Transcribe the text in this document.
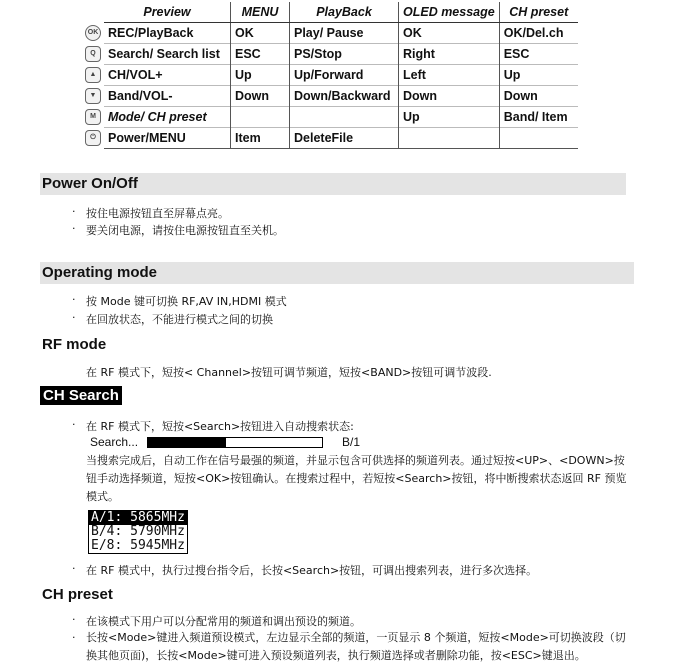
	Preview	MENU	PlayBack	OLED message	CH preset
OK	REC/PlayBack	OK	Play/ Pause	OK	OK/Del.ch
Q	Search/ Search list	ESC	PS/Stop	Right	ESC
▲	CH/VOL+	Up	Up/Forward	Left	Up
▼	Band/VOL-	Down	Down/Backward	Down	Down
M	Mode/ CH preset			Up	Band/ Item
⏻	Power/MENU	Item	DeleteFile		
Power On/Off
· 按住电源按钮直至屏幕点亮。
· 要关闭电源，请按住电源按钮直至关机。
Operating mode
· 按 Mode 键可切换 RF,AV IN,HDMI 模式
· 在回放状态，不能进行模式之间的切换
RF mode
在 RF 模式下，短按< Channel>按钮可调节频道，短按<BAND>按钮可调节波段.
CH Search
· 在 RF 模式下，短按<Search>按钮进入自动搜索状态:
Search...	B/1
当搜索完成后，自动工作在信号最强的频道，并显示包含可供选择的频道列表。通过短按<UP>、<DOWN>按钮手动选择频道，短按<OK>按钮确认。在搜索过程中，若短按<Search>按钮，将中断搜索状态返回 RF 预览模式。
A/1: 5865MHz
B/4: 5790MHz
E/8: 5945MHz
· 在 RF 模式中，执行过搜台指令后，长按<Search>按钮，可调出搜索列表，进行多次选择。
CH preset
· 在该模式下用户可以分配常用的频道和调出预设的频道。
· 长按<Mode>键进入频道预设模式，左边显示全部的频道，一页显示 8 个频道，短按<Mode>可切换波段（切换其他页面)，长按<Mode>键可进入预设频道列表，执行频道选择或者删除功能，按<ESC>键退出。
